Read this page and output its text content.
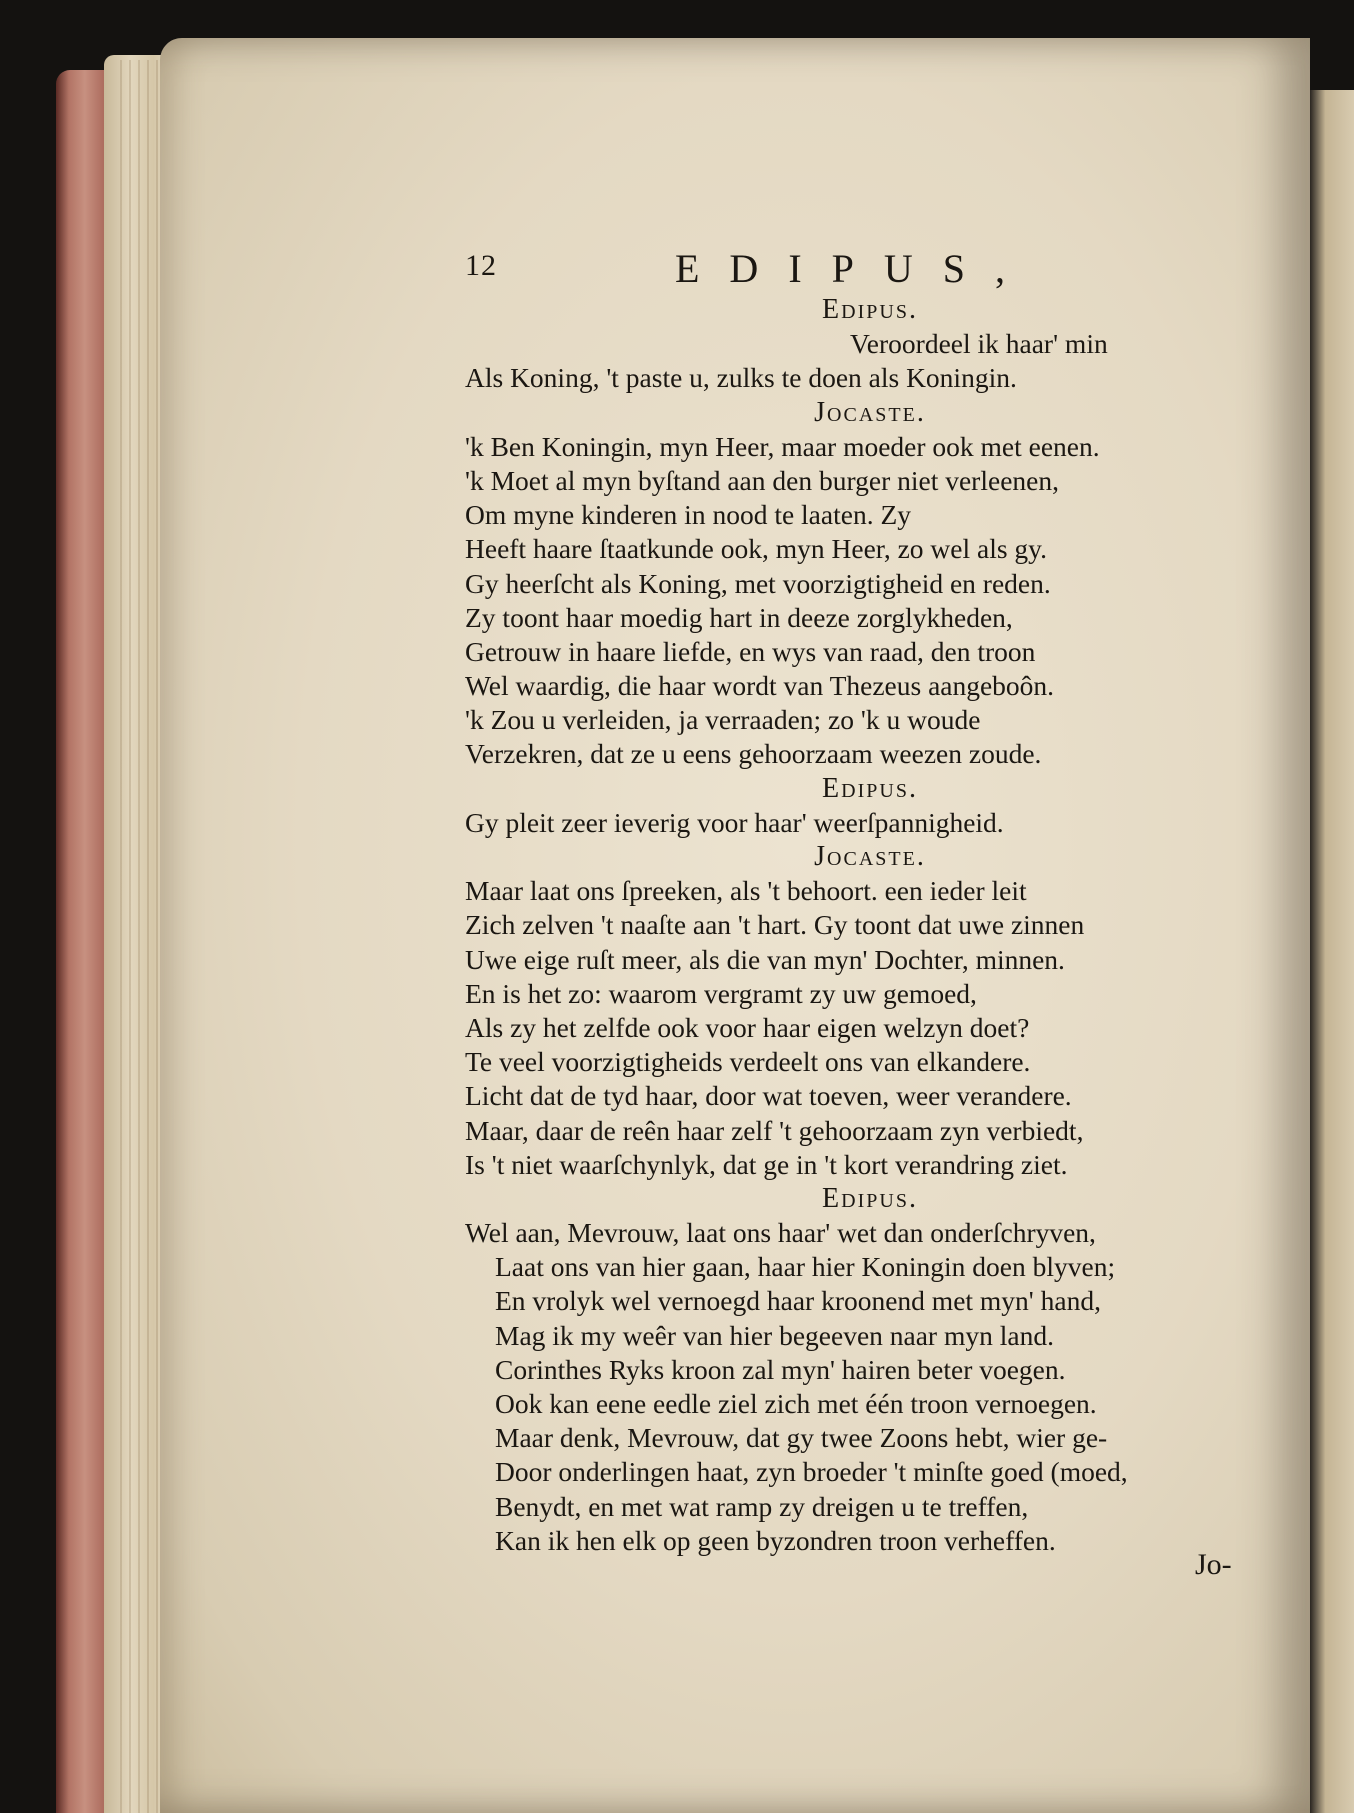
12	EDIPUS,
Edipus.
Veroordeel ik haar' min
Als Koning, 't paste u, zulks te doen als Koningin.
Jocaste.
'k Ben Koningin, myn Heer, maar moeder ook met eenen.
'k Moet al myn byſtand aan den burger niet verleenen,
Om myne kinderen in nood te laaten. Zy
Heeft haare ſtaatkunde ook, myn Heer, zo wel als gy.
Gy heerſcht als Koning, met voorzigtigheid en reden.
Zy toont haar moedig hart in deeze zorglykheden,
Getrouw in haare liefde, en wys van raad, den troon
Wel waardig, die haar wordt van Thezeus aangeboôn.
'k Zou u verleiden, ja verraaden; zo 'k u woude
Verzekren, dat ze u eens gehoorzaam weezen zoude.
Edipus.
Gy pleit zeer ieverig voor haar' weerſpannigheid.
Jocaste.
Maar laat ons ſpreeken, als 't behoort. een ieder leit
Zich zelven 't naaſte aan 't hart. Gy toont dat uwe zinnen
Uwe eige ruſt meer, als die van myn' Dochter, minnen.
En is het zo: waarom vergramt zy uw gemoed,
Als zy het zelfde ook voor haar eigen welzyn doet?
Te veel voorzigtigheids verdeelt ons van elkandere.
Licht dat de tyd haar, door wat toeven, weer verandere.
Maar, daar de reên haar zelf 't gehoorzaam zyn verbiedt,
Is 't niet waarſchynlyk, dat ge in 't kort verandring ziet.
Edipus.
Wel aan, Mevrouw, laat ons haar' wet dan onderſchryven,
Laat ons van hier gaan, haar hier Koningin doen blyven;
En vrolyk wel vernoegd haar kroonend met myn' hand,
Mag ik my weêr van hier begeeven naar myn land.
Corinthes Ryks kroon zal myn' hairen beter voegen.
Ook kan eene eedle ziel zich met één troon vernoegen.
Maar denk, Mevrouw, dat gy twee Zoons hebt, wier ge-
Door onderlingen haat, zyn broeder 't minſte goed (moed,
Benydt, en met wat ramp zy dreigen u te treffen,
Kan ik hen elk op geen byzondren troon verheffen.
Jo-
